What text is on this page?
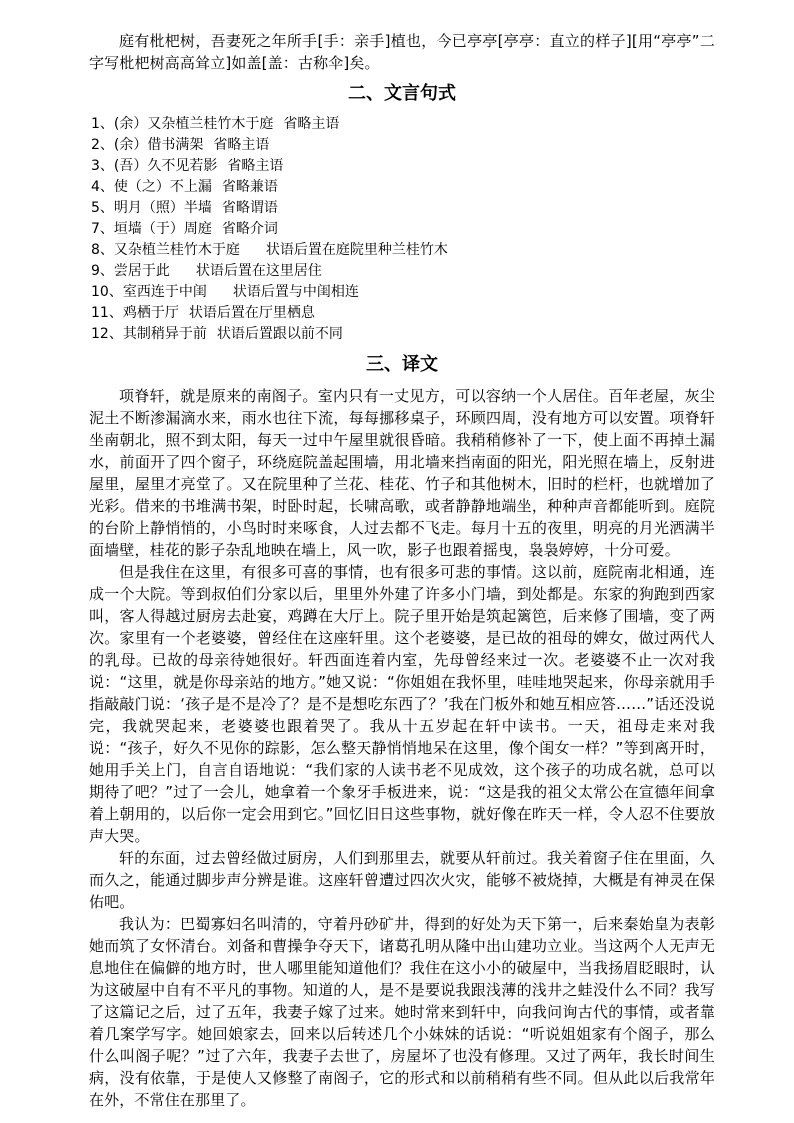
庭有枇杷树，吾妻死之年所手[手：亲手]植也，今已亭亭[亭亭：直立的样子][用“亭亭”二字写枇杷树高高耸立]如盖[盖：古称伞]矣。

二、文言句式
1、(余）又杂植兰桂竹木于庭 省略主语
2、(余）借书满架 省略主语
3、(吾）久不见若影 省略主语
4、使（之）不上漏 省略兼语
5、明月（照）半墙 省略谓语
7、垣墙（于）周庭 省略介词
8、又杂植兰桂竹木于庭 状语后置在庭院里种兰桂竹木
9、尝居于此 状语后置在这里居住
10、室西连于中闺 状语后置与中闺相连
11、鸡栖于厅 状语后置在厅里栖息
12、其制稍异于前 状语后置跟以前不同
三、译文

项脊轩，就是原来的南阁子。室内只有一丈见方，可以容纳一个人居住。百年老屋，灰尘泥土不断渗漏滴水来，雨水也往下流，每每挪移桌子，环顾四周，没有地方可以安置。项脊轩坐南朝北，照不到太阳，每天一过中午屋里就很昏暗。我稍稍修补了一下，使上面不再掉土漏水，前面开了四个窗子，环绕庭院盖起围墙，用北墙来挡南面的阳光，阳光照在墙上，反射进屋里，屋里才亮堂了。又在院里种了兰花、桂花、竹子和其他树木，旧时的栏杆，也就增加了光彩。借来的书堆满书架，时卧时起，长啸高歌，或者静静地端坐，种种声音都能听到。庭院的台阶上静悄悄的，小鸟时时来啄食，人过去都不飞走。每月十五的夜里，明亮的月光洒满半面墙壁，桂花的影子杂乱地映在墙上，风一吹，影子也跟着摇曳，袅袅婷婷，十分可爱。

但是我住在这里，有很多可喜的事情，也有很多可悲的事情。这以前，庭院南北相通，连成一个大院。等到叔伯们分家以后，里里外外建了许多小门墙，到处都是。东家的狗跑到西家叫，客人得越过厨房去赴宴，鸡蹲在大厅上。院子里开始是筑起篱笆，后来修了围墙，变了两次。家里有一个老婆婆，曾经住在这座轩里。这个老婆婆，是已故的祖母的婢女，做过两代人的乳母。已故的母亲待她很好。轩西面连着内室，先母曾经来过一次。老婆婆不止一次对我说：“这里，就是你母亲站的地方。”她又说：“你姐姐在我怀里，哇哇地哭起来，你母亲就用手指敲敲门说：‘孩子是不是冷了？是不是想吃东西了？’我在门板外和她互相应答……”话还没说完，我就哭起来，老婆婆也跟着哭了。我从十五岁起在轩中读书。一天，祖母走来对我说：“孩子，好久不见你的踪影，怎么整天静悄悄地呆在这里，像个闺女一样？”等到离开时，她用手关上门，自言自语地说：“我们家的人读书老不见成效，这个孩子的功成名就，总可以期待了吧？”过了一会儿，她拿着一个象牙手板进来，说：“这是我的祖父太常公在宣德年间拿着上朝用的，以后你一定会用到它。”回忆旧日这些事物，就好像在昨天一样，令人忍不住要放声大哭。

轩的东面，过去曾经做过厨房，人们到那里去，就要从轩前过。我关着窗子住在里面，久而久之，能通过脚步声分辨是谁。这座轩曾遭过四次火灾，能够不被烧掉，大概是有神灵在保佑吧。

我认为：巴蜀寡妇名叫清的，守着丹砂矿井，得到的好处为天下第一，后来秦始皇为表彰她而筑了女怀清台。刘备和曹操争夺天下，诸葛孔明从隆中出山建功立业。当这两个人无声无息地住在偏僻的地方时，世人哪里能知道他们？我住在这小小的破屋中，当我扬眉眨眼时，认为这破屋中自有不平凡的事物。知道的人，是不是要说我跟浅薄的浅井之蛙没什么不同？我写了这篇记之后，过了五年，我妻子嫁了过来。她时常来到轩中，向我问询古代的事情，或者靠着几案学写字。她回娘家去，回来以后转述几个小妹妹的话说：“听说姐姐家有个阁子，那么什么叫阁子呢？”过了六年，我妻子去世了，房屋坏了也没有修理。又过了两年，我长时间生病，没有依靠，于是使人又修整了南阁子，它的形式和以前稍稍有些不同。但从此以后我常年在外，不常住在那里了。
